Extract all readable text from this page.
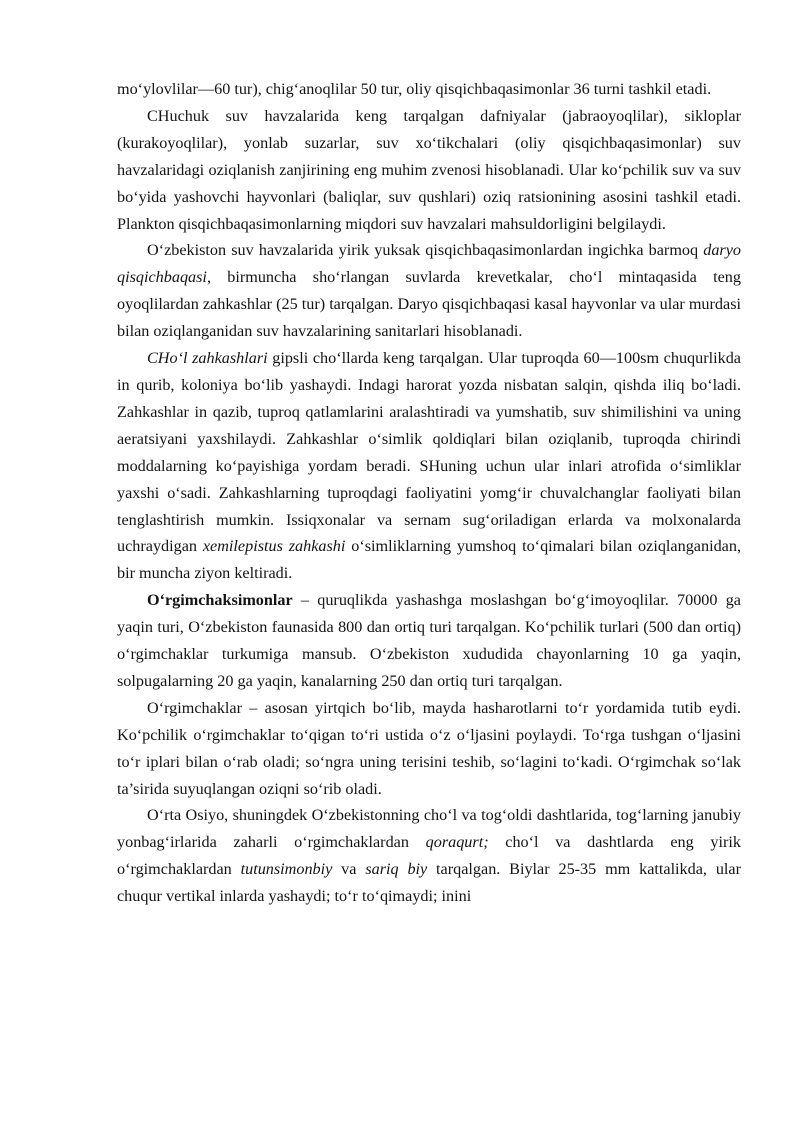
mo‘ylovlilar—60 tur), chig‘anoqlilar 50 tur, oliy qisqichbaqasimonlar 36 turni tashkil etadi.

CHuchuk suv havzalarida keng tarqalgan dafniyalar (jabraoyoqlilar), sikloplar (kurakoyoqlilar), yonlab suzarlar, suv xo‘tikchalari (oliy qisqichbaqasimonlar) suv havzalaridagi oziqlanish zanjirining eng muhim zvenosi hisoblanadi. Ular ko‘pchilik suv va suv bo‘yida yashovchi hayvonlari (baliqlar, suv qushlari) oziq ratsionining asosini tashkil etadi. Plankton qisqichbaqasimonlarning miqdori suv havzalari mahsuldorligini belgilaydi.

O‘zbekiston suv havzalarida yirik yuksak qisqichbaqasimonlardan ingichka barmoq daryo qisqichbaqasi, birmuncha sho‘rlangan suvlarda krevetkalar, cho‘l mintaqasida teng oyoqlilardan zahkashlar (25 tur) tarqalgan. Daryo qisqichbaqasi kasal hayvonlar va ular murdasi bilan oziqlanganidan suv havzalarining sanitarlari hisoblanadi.

CHo‘l zahkashlari gipsli cho‘llarda keng tarqalgan. Ular tuproqda 60—100sm chuqurlikda in qurib, koloniya bo‘lib yashaydi. Indagi harorat yozda nisbatan salqin, qishda iliq bo‘ladi. Zahkashlar in qazib, tuproq qatlamlarini aralashtiradi va yumshatib, suv shimilishini va uning aeratsiyani yaxshilaydi. Zahkashlar o‘simlik qoldiqlari bilan oziqlanib, tuproqda chirindi moddalarning ko‘payishiga yordam beradi. SHuning uchun ular inlari atrofida o‘simliklar yaxshi o‘sadi. Zahkashlarning tuproqdagi faoliyatini yomg‘ir chuvalchanglar faoliyati bilan tenglashtirish mumkin. Issiqxonalar va sernam sug‘oriladigan erlarda va molxonalarda uchraydigan xemilepistus zahkashi o‘simliklarning yumshoq to‘qimalari bilan oziqlanganidan, bir muncha ziyon keltiradi.

O‘rgimchaksimonlar – quruqlikda yashashga moslashgan bo‘g‘imoyoqlilar. 70000 ga yaqin turi, O‘zbekiston faunasida 800 dan ortiq turi tarqalgan. Ko‘pchilik turlari (500 dan ortiq) o‘rgimchaklar turkumiga mansub. O‘zbekiston xududida chayonlarning 10 ga yaqin, solpugalarning 20 ga yaqin, kanalarning 250 dan ortiq turi tarqalgan.

O‘rgimchaklar – asosan yirtqich bo‘lib, mayda hasharotlarni to‘r yordamida tutib eydi. Ko‘pchilik o‘rgimchaklar to‘qigan to‘ri ustida o‘z o‘ljasini poylaydi. To‘rga tushgan o‘ljasini to‘r iplari bilan o‘rab oladi; so‘ngra uning terisini teshib, so‘lagini to‘kadi. O‘rgimchak so‘lak ta’sirida suyuqlangan oziqni so‘rib oladi.

O‘rta Osiyo, shuningdek O‘zbekistonning cho‘l va tog‘oldi dashtlarida, tog‘larning janubiy yonbag‘irlarida zaharli o‘rgimchaklardan qoraqurt; cho‘l va dashtlarda eng yirik o‘rgimchaklardan tutunsimonbiy va sariq biy tarqalgan. Biylar 25-35 mm kattalikda, ular chuqur vertikal inlarda yashaydi; to‘r to‘qimaydi; inini
